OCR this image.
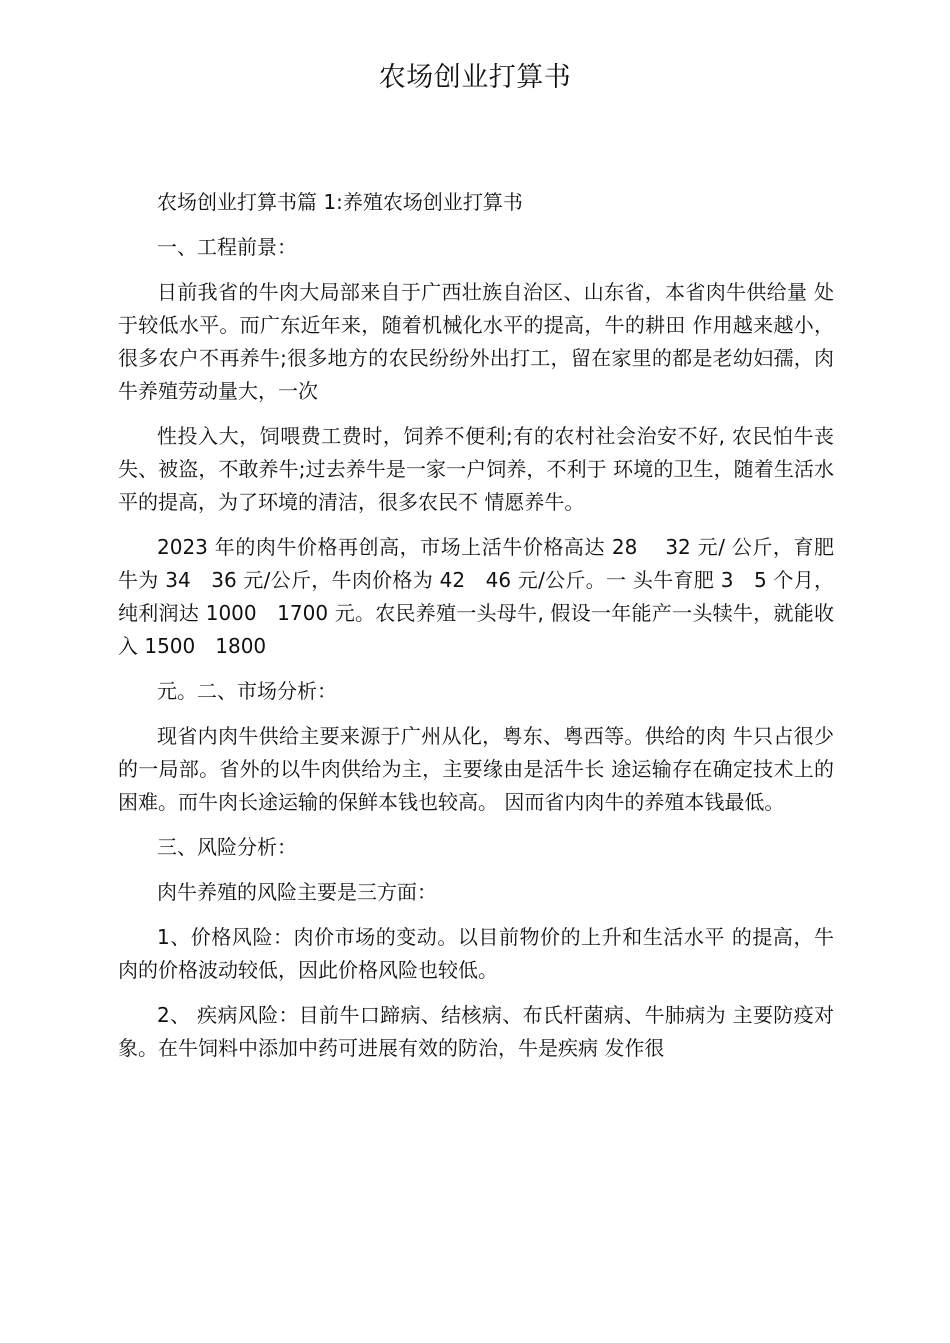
农场创业打算书

农场创业打算书篇 1:养殖农场创业打算书

一、工程前景：

日前我省的牛肉大局部来自于广西壮族自治区、山东省，本省肉牛供给量 处于较低水平。而广东近年来，随着机械化水平的提高，牛的耕田 作用越来越小，很多农户不再养牛;很多地方的农民纷纷外出打工，留在家里的都是老幼妇孺，肉牛养殖劳动量大，一次

性投入大，饲喂费工费时，饲养不便利;有的农村社会治安不好, 农民怕牛丧失、被盗，不敢养牛;过去养牛是一家一户饲养，不利于 环境的卫生，随着生活水平的提高，为了环境的清洁，很多农民不 情愿养牛。

2023 年的肉牛价格再创高，市场上活牛价格高达 28　 32 元/ 公斤，育肥牛为 34　36 元/公斤，牛肉价格为 42　46 元/公斤。一 头牛育肥 3　5 个月，纯利润达 1000　1700 元。农民养殖一头母牛, 假设一年能产一头犊牛，就能收入 1500　1800

元。二、市场分析：

现省内肉牛供给主要来源于广州从化，粤东、粤西等。供给的肉 牛只占很少的一局部。省外的以牛肉供给为主，主要缘由是活牛长 途运输存在确定技术上的困难。而牛肉长途运输的保鲜本钱也较高。 因而省内肉牛的养殖本钱最低。

三、风险分析：

肉牛养殖的风险主要是三方面：

1、价格风险：肉价市场的变动。以目前物价的上升和生活水平 的提高，牛肉的价格波动较低，因此价格风险也较低。

2、 疾病风险：目前牛口蹄病、结核病、布氏杆菌病、牛肺病为 主要防疫对象。在牛饲料中添加中药可进展有效的防治，牛是疾病 发作很
